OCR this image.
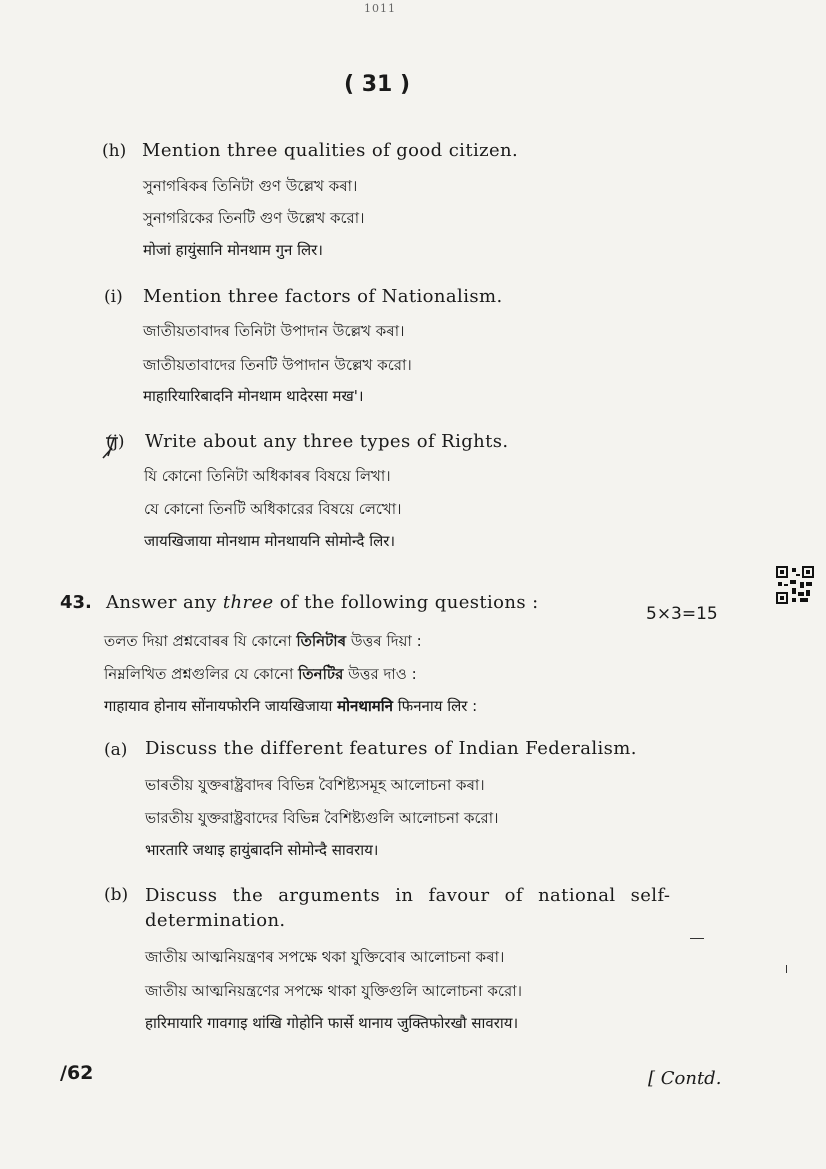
1011
( 31 )
(h) Mention three qualities of good citizen.
সুনাগৰিকৰ তিনিটা গুণ উল্লেখ কৰা।
সুনাগরিকের তিনটি গুণ উল্লেখ করো।
मोजां हायुंसानि मोनथाम गुन लिर।
(i) Mention three factors of Nationalism.
জাতীয়তাবাদৰ তিনিটা উপাদান উল্লেখ কৰা।
জাতীয়তাবাদের তিনটি উপাদান উল্লেখ করো।
माहारियारिबादनि मोनथाम थादेरसा मख'।
(j) Write about any three types of Rights.
যি কোনো তিনিটা অধিকাৰৰ বিষয়ে লিখা।
যে কোনো তিনটি অধিকারের বিষয়ে লেখো।
जायखिजाया मोनथाम मोनथायनि सोमोन्दै लिर।
43. Answer any three of the following questions :
5×3=15
তলত দিয়া প্ৰশ্নবোৰৰ যি কোনো তিনিটাৰ উত্তৰ দিয়া :
নিম্নলিখিত প্রশ্নগুলির যে কোনো তিনটির উত্তর দাও :
गाहायाव होनाय सोंनायफोरनि जायखिजाया मोनथामनि फिननाय लिर :
(a) Discuss the different features of Indian Federalism.
ভাৰতীয় যুক্তৰাষ্ট্ৰবাদৰ বিভিন্ন বৈশিষ্ট্যসমূহ আলোচনা কৰা।
ভারতীয় যুক্তরাষ্ট্রবাদের বিভিন্ন বৈশিষ্ট্যগুলি আলোচনা করো।
भारतारि जथाइ हायुंबादनि सोमोन्दै सावराय।
(b) Discuss the arguments in favour of national self-
determination.
জাতীয় আত্মনিয়ন্ত্ৰণৰ সপক্ষে থকা যুক্তিবোৰ আলোচনা কৰা।
জাতীয় আত্মনিয়ন্ত্রণের সপক্ষে থাকা যুক্তিগুলি আলোচনা করো।
हारिमायारि गावगाइ थांखि गोहोनि फार्से थानाय जुक्तिफोरखौ सावराय।
/62	[ Contd.
